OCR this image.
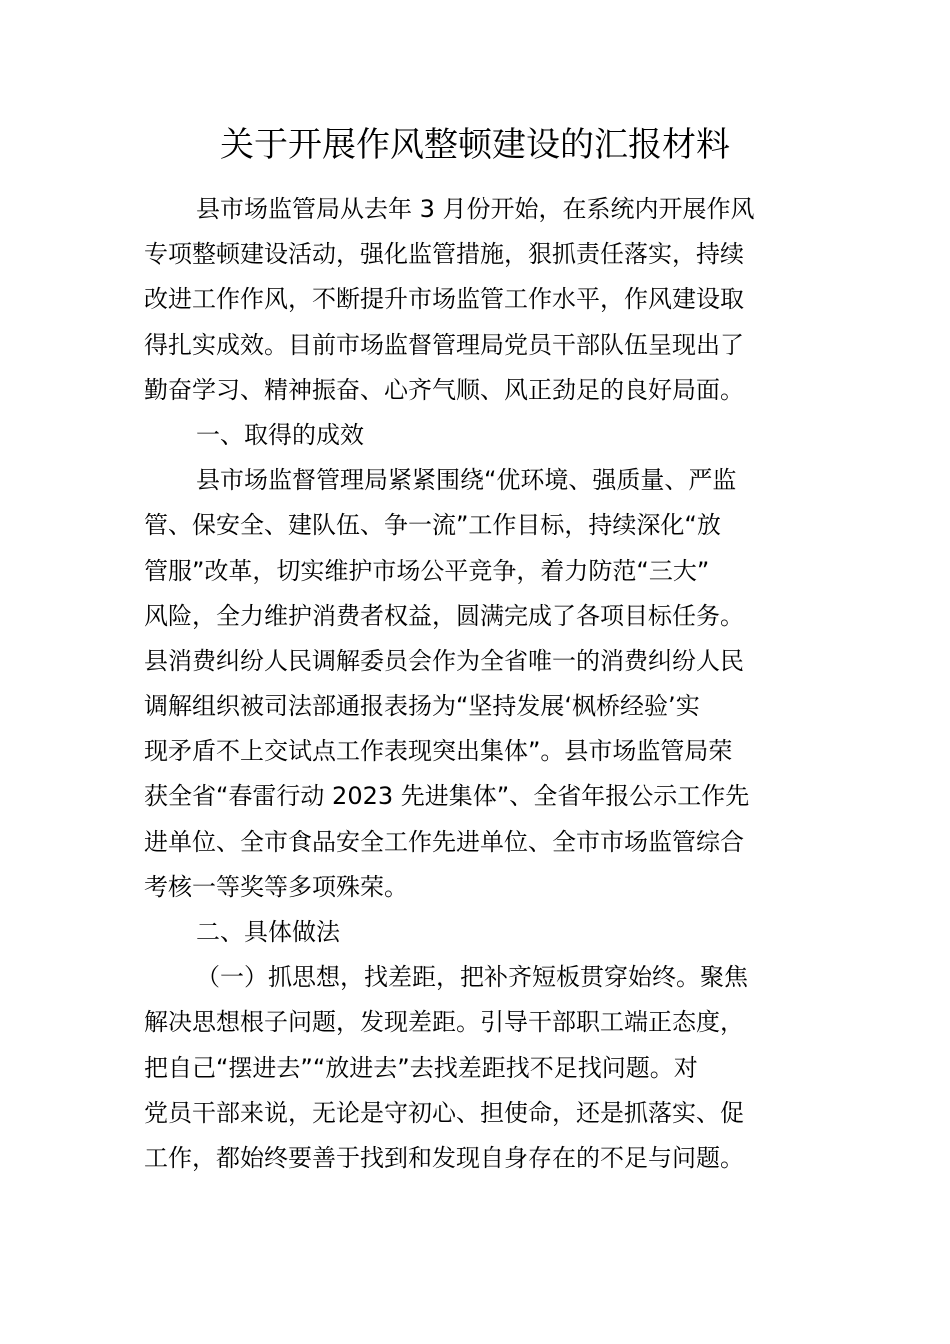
关于开展作风整顿建设的汇报材料

县市场监管局从去年 3 月份开始，在系统内开展作风

专项整顿建设活动，强化监管措施，狠抓责任落实，持续

改进工作作风，不断提升市场监管工作水平，作风建设取

得扎实成效。目前市场监督管理局党员干部队伍呈现出了

勤奋学习、精神振奋、心齐气顺、风正劲足的良好局面。

一、取得的成效

县市场监督管理局紧紧围绕“优环境、强质量、严监

管、保安全、建队伍、争一流”工作目标，持续深化“放

管服”改革，切实维护市场公平竞争，着力防范“三大”

风险，全力维护消费者权益，圆满完成了各项目标任务。

县消费纠纷人民调解委员会作为全省唯一的消费纠纷人民

调解组织被司法部通报表扬为“坚持发展‘枫桥经验’实

现矛盾不上交试点工作表现突出集体”。县市场监管局荣

获全省“春雷行动 2023 先进集体”、全省年报公示工作先

进单位、全市食品安全工作先进单位、全市市场监管综合

考核一等奖等多项殊荣。

二、具体做法

（一）抓思想，找差距，把补齐短板贯穿始终。聚焦

解决思想根子问题，发现差距。引导干部职工端正态度，

把自己“摆进去”“放进去”去找差距找不足找问题。对

党员干部来说，无论是守初心、担使命，还是抓落实、促

工作，都始终要善于找到和发现自身存在的不足与问题。
